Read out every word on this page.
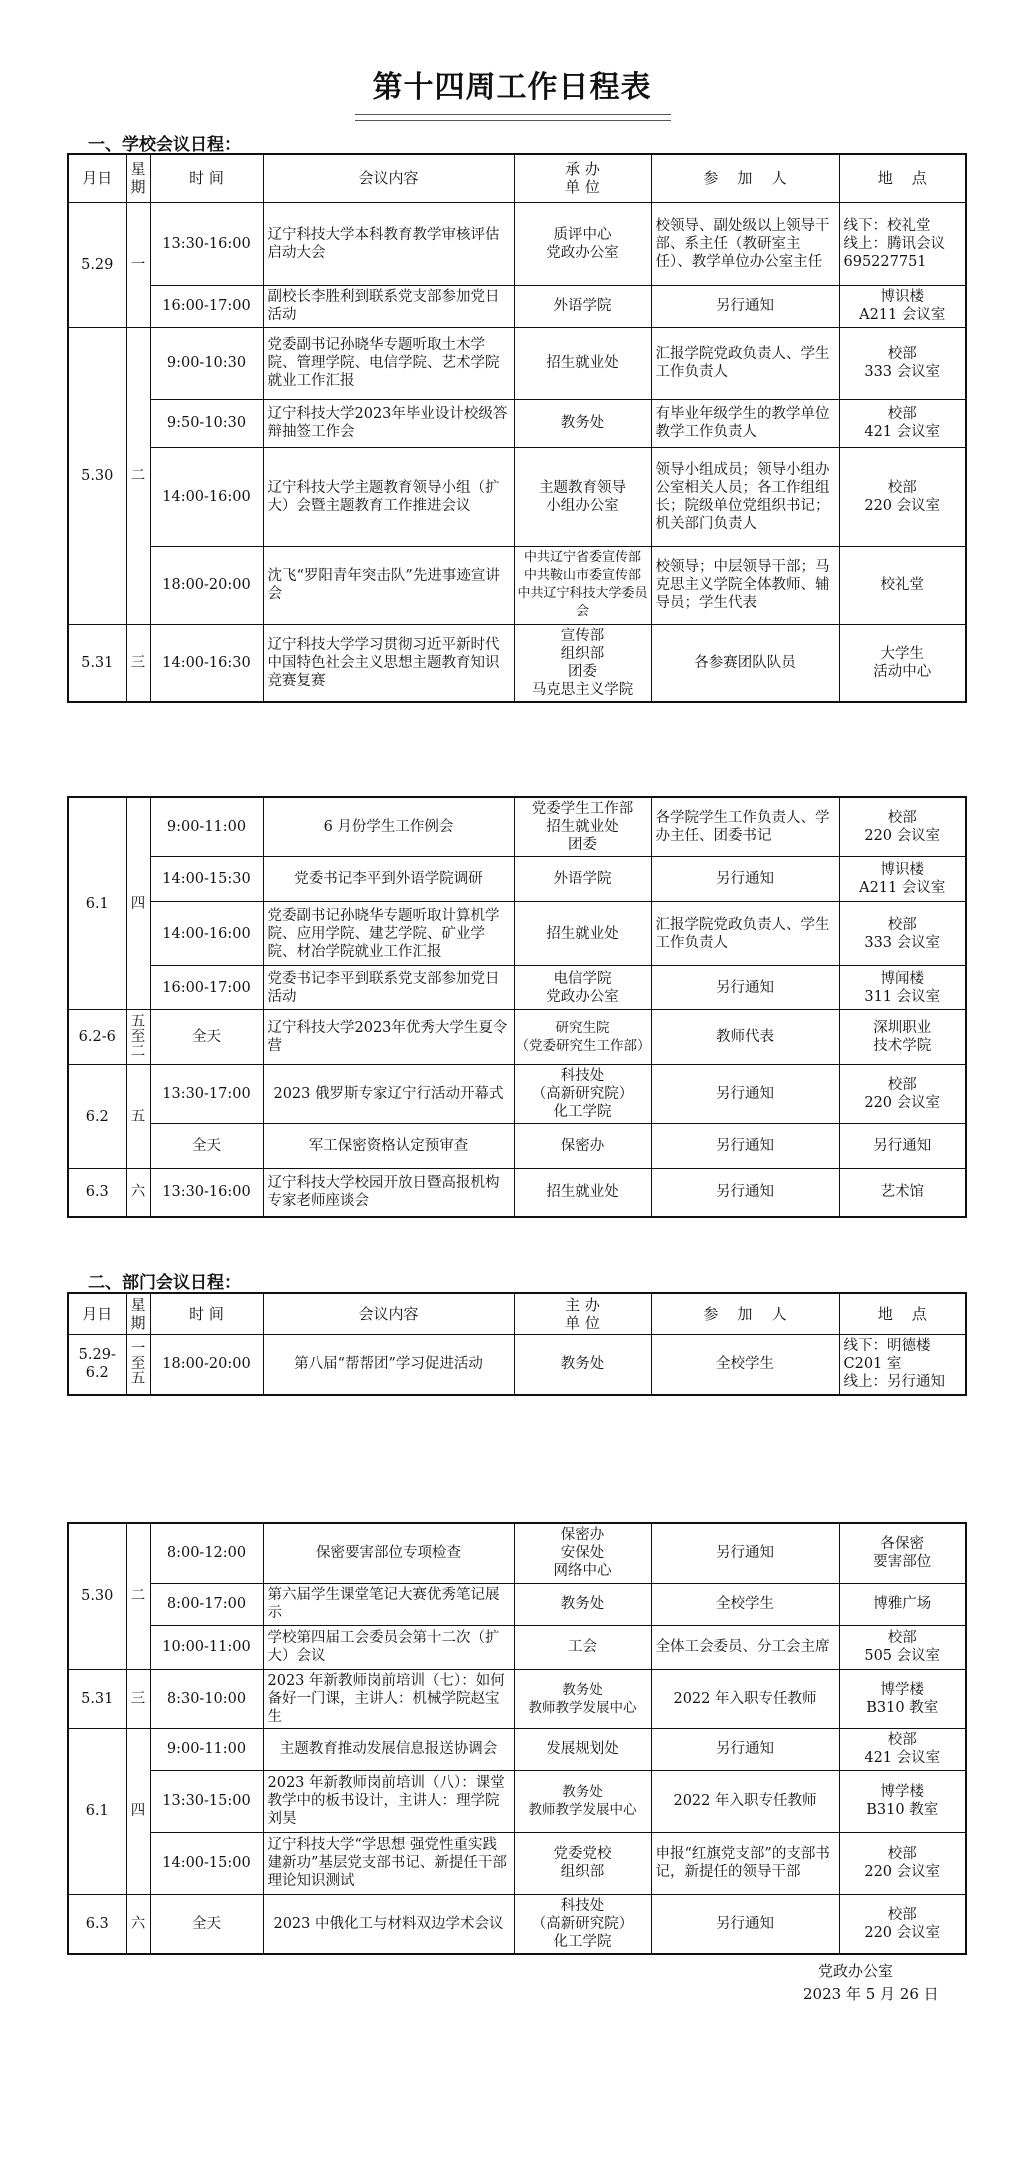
第十四周工作日程表
一、学校会议日程：
月日	星
期	时 间	会议内容	承 办
单 位	参    加    人	地    点
5.29	一	13:30-16:00	辽宁科技大学本科教育教学审核评估启动大会	质评中心
党政办公室	校领导、副处级以上领导干部、系主任（教研室主任）、教学单位办公室主任	线下：校礼堂
线上：腾讯会议 695227751
		16:00-17:00	副校长李胜利到联系党支部参加党日活动	外语学院	另行通知	博识楼
A211 会议室
5.30	二	9:00-10:30	党委副书记孙晓华专题听取土木学院、管理学院、电信学院、艺术学院就业工作汇报	招生就业处	汇报学院党政负责人、学生工作负责人	校部
333 会议室
		9:50-10:30	辽宁科技大学2023年毕业设计校级答辩抽签工作会	教务处	有毕业年级学生的教学单位教学工作负责人	校部
421 会议室
		14:00-16:00	辽宁科技大学主题教育领导小组（扩大）会暨主题教育工作推进会议	主题教育领导
小组办公室	领导小组成员；领导小组办公室相关人员；各工作组组长；院级单位党组织书记；机关部门负责人	校部
220 会议室
		18:00-20:00	沈飞“罗阳青年突击队”先进事迹宣讲会	中共辽宁省委宣传部
中共鞍山市委宣传部
中共辽宁科技大学委员会	校领导；中层领导干部；马克思主义学院全体教师、辅导员；学生代表	校礼堂
5.31	三	14:00-16:30	辽宁科技大学学习贯彻习近平新时代中国特色社会主义思想主题教育知识竞赛复赛	宣传部
组织部
团委
马克思主义学院	各参赛团队队员	大学生
活动中心
6.1	四	9:00-11:00	6 月份学生工作例会	党委学生工作部
招生就业处
团委	各学院学生工作负责人、学办主任、团委书记	校部
220 会议室
		14:00-15:30	党委书记李平到外语学院调研	外语学院	另行通知	博识楼
A211 会议室
		14:00-16:00	党委副书记孙晓华专题听取计算机学院、应用学院、建艺学院、矿业学院、材冶学院就业工作汇报	招生就业处	汇报学院党政负责人、学生工作负责人	校部
333 会议室
		16:00-17:00	党委书记李平到联系党支部参加党日活动	电信学院
党政办公室	另行通知	博闻楼
311 会议室
6.2-6	五
至
二	全天	辽宁科技大学2023年优秀大学生夏令营	研究生院
（党委研究生工作部）	教师代表	深圳职业
技术学院
6.2	五	13:30-17:00	2023 俄罗斯专家辽宁行活动开幕式	科技处
（高新研究院）
化工学院	另行通知	校部
220 会议室
		全天	军工保密资格认定预审查	保密办	另行通知	另行通知
6.3	六	13:30-16:00	辽宁科技大学校园开放日暨高报机构专家老师座谈会	招生就业处	另行通知	艺术馆
二、部门会议日程：
月日	星
期	时 间	会议内容	主 办
单 位	参    加    人	地    点
5.29-
6.2	一
至
五	18:00-20:00	第八届“帮帮团”学习促进活动	教务处	全校学生	线下：明德楼
C201 室
线上：另行通知
5.30	二	8:00-12:00	保密要害部位专项检查	保密办
安保处
网络中心	另行通知	各保密
要害部位
		8:00-17:00	第六届学生课堂笔记大赛优秀笔记展示	教务处	全校学生	博雅广场
		10:00-11:00	学校第四届工会委员会第十二次（扩大）会议	工会	全体工会委员、分工会主席	校部
505 会议室
5.31	三	8:30-10:00	2023 年新教师岗前培训（七）：如何备好一门课，主讲人：机械学院赵宝生	教务处
教师教学发展中心	2022 年入职专任教师	博学楼
B310 教室
6.1	四	9:00-11:00	主题教育推动发展信息报送协调会	发展规划处	另行通知	校部
421 会议室
		13:30-15:00	2023 年新教师岗前培训（八）：课堂教学中的板书设计，主讲人：理学院刘昊	教务处
教师教学发展中心	2022 年入职专任教师	博学楼
B310 教室
		14:00-15:00	辽宁科技大学“学思想 强党性重实践 建新功”基层党支部书记、新提任干部理论知识测试	党委党校
组织部	申报“红旗党支部”的支部书记，新提任的领导干部	校部
220 会议室
6.3	六	全天	2023 中俄化工与材料双边学术会议	科技处
（高新研究院）
化工学院	另行通知	校部
220 会议室
党政办公室
2023 年 5 月 26 日
